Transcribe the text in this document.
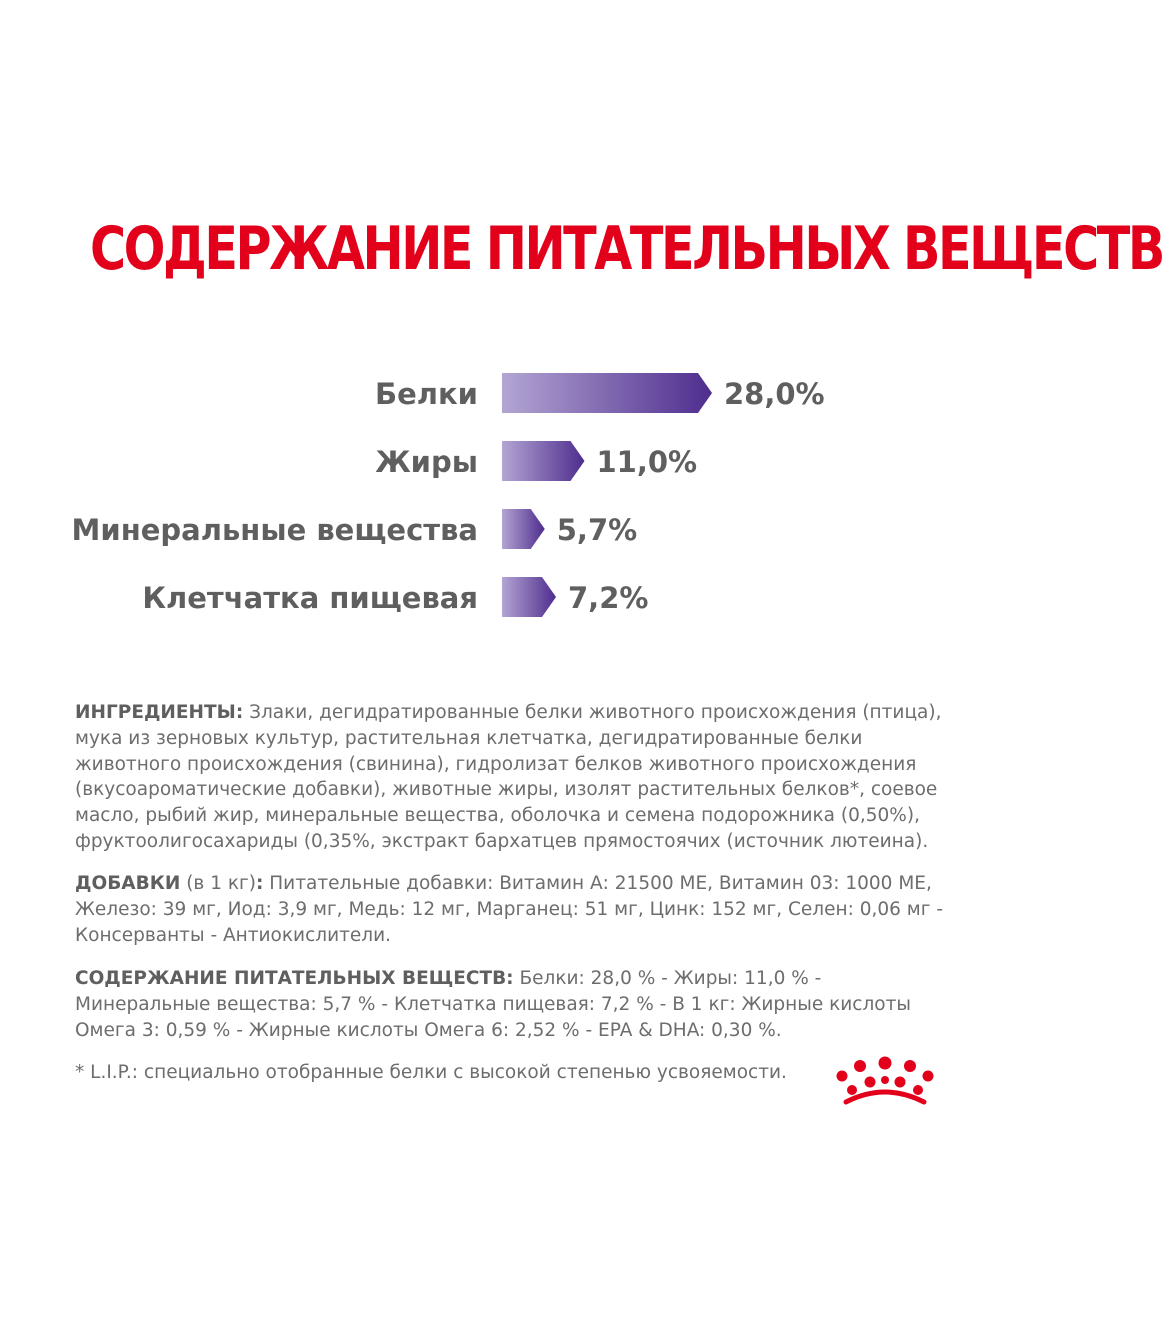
СОДЕРЖАНИЕ ПИТАТЕЛЬНЫХ ВЕЩЕСТВ
Белки	28,0%
Жиры	11,0%
Минеральные вещества	5,7%
Клетчатка пищевая	7,2%
ИНГРЕДИЕНТЫ: Злаки, дегидратированные белки животного происхождения (птица), мука из зерновых культур, растительная клетчатка, дегидратированные белки животного происхождения (свинина), гидролизат белков животного происхождения (вкусоароматические добавки), животные жиры, изолят растительных белков*, соевое масло, рыбий жир, минеральные вещества, оболочка и семена подорожника (0,50%), фруктоолигосахариды (0,35%, экстракт бархатцев прямостоячих (источник лютеина).
ДОБАВКИ (в 1 кг): Питательные добавки: Витамин А: 21500 МЕ, Витамин 03: 1000 МЕ, Железо: 39 мг, Иод: 3,9 мг, Медь: 12 мг, Марганец: 51 мг, Цинк: 152 мг, Селен: 0,06 мг - Консерванты - Антиокислители.
СОДЕРЖАНИЕ ПИТАТЕЛЬНЫХ ВЕЩЕСТВ: Белки: 28,0 % - Жиры: 11,0 % - Минеральные вещества: 5,7 % - Клетчатка пищевая: 7,2 % - В 1 кг: Жирные кислоты Омега 3: 0,59 % - Жирные кислоты Омега 6: 2,52 % - EPA & DHA: 0,30 %.
* L.I.P.: специально отобранные белки с высокой степенью усвояемости.
